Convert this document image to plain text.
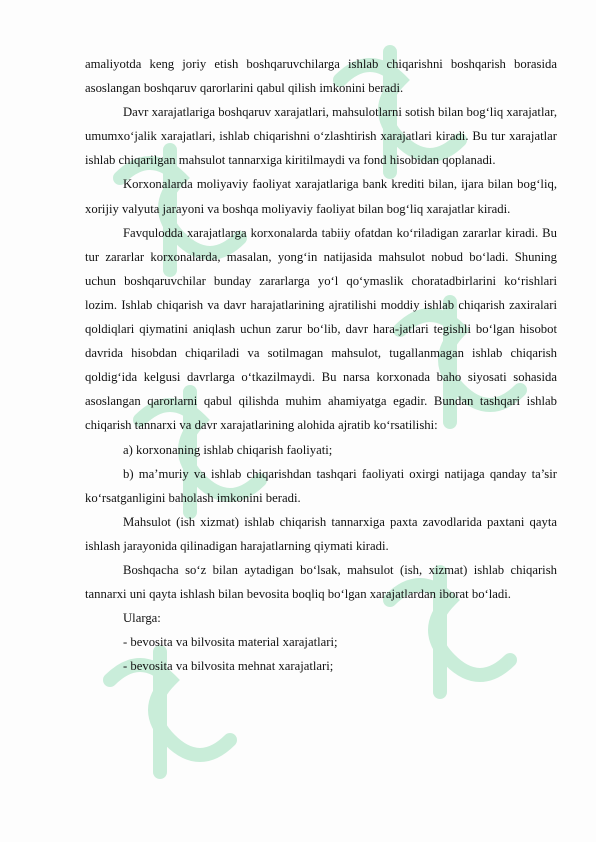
amaliyotda keng joriy etish boshqaruvchilarga ishlab chiqarishni boshqarish borasida asoslangan boshqaruv qarorlarini qabul qilish imkonini beradi.

Davr xarajatlariga boshqaruv xarajatlari, mahsulotlarni sotish bilan bog‘liq xarajatlar, umumxo‘jalik xarajatlari, ishlab chiqarishni o‘zlashtirish xarajatlari kiradi. Bu tur xarajatlar ishlab chiqarilgan mahsulot tannarxiga kiritilmaydi va fond hisobidan qoplanadi.

Korxonalarda moliyaviy faoliyat xarajatlariga bank krediti bilan, ijara bilan bog‘liq, xorijiy valyuta jarayoni va boshqa moliyaviy faoliyat bilan bog‘liq xarajatlar kiradi.

Favqulodda xarajatlarga korxonalarda tabiiy ofatdan ko‘riladigan zararlar kiradi. Bu tur zararlar korxonalarda, masalan, yong‘in natijasida mahsulot nobud bo‘ladi. Shuning uchun boshqaruvchilar bunday zararlarga yo‘l qo‘ymaslik choratadbirlarini ko‘rishlari lozim. Ishlab chiqarish va davr harajatlarining ajratilishi moddiy ishlab chiqarish zaxiralari qoldiqlari qiymatini aniqlash uchun zarur bo‘lib, davr hara-jatlari tegishli bo‘lgan hisobot davrida hisobdan chiqariladi va sotilmagan mahsulot, tugallanmagan ishlab chiqarish qoldig‘ida kelgusi davrlarga o‘tkazilmaydi. Bu narsa korxonada baho siyosati sohasida asoslangan qarorlarni qabul qilishda muhim ahamiyatga egadir. Bundan tashqari ishlab chiqarish tannarxi va davr xarajatlarining alohida ajratib ko‘rsatilishi:

a) korxonaning ishlab chiqarish faoliyati;

b) ma’muriy va ishlab chiqarishdan tashqari faoliyati oxirgi natijaga qanday ta’sir ko‘rsatganligini baholash imkonini beradi.

Mahsulot (ish xizmat) ishlab chiqarish tannarxiga paxta zavodlarida paxtani qayta ishlash jarayonida qilinadigan harajatlarning qiymati kiradi.

Boshqacha so‘z bilan aytadigan bo‘lsak, mahsulot (ish, xizmat) ishlab chiqarish tannarxi uni qayta ishlash bilan bevosita boqliq bo‘lgan xarajatlardan iborat bo‘ladi.

Ularga:

- bevosita va bilvosita material xarajatlari;

- bevosita va bilvosita mehnat xarajatlari;
